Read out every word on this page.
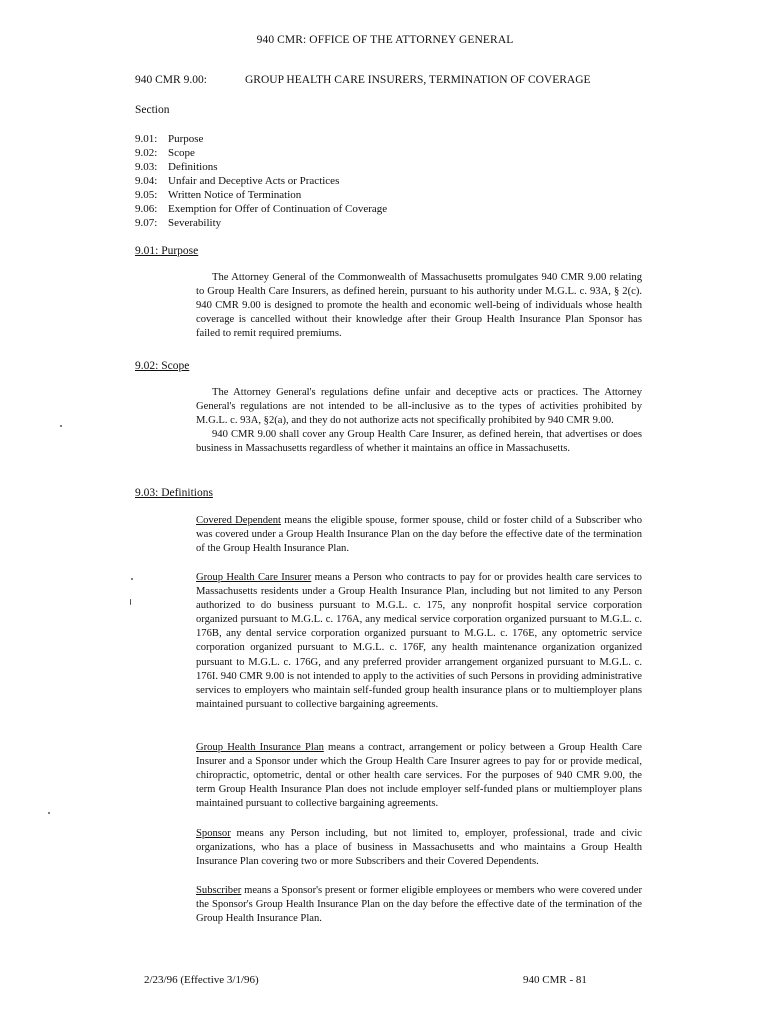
940 CMR: OFFICE OF THE ATTORNEY GENERAL
940 CMR 9.00:	GROUP HEALTH CARE INSURERS, TERMINATION OF COVERAGE
Section
9.01: Purpose
9.02: Scope
9.03: Definitions
9.04: Unfair and Deceptive Acts or Practices
9.05: Written Notice of Termination
9.06: Exemption for Offer of Continuation of Coverage
9.07: Severability
9.01: Purpose
The Attorney General of the Commonwealth of Massachusetts promulgates 940 CMR 9.00 relating to Group Health Care Insurers, as defined herein, pursuant to his authority under M.G.L. c. 93A, § 2(c). 940 CMR 9.00 is designed to promote the health and economic well-being of individuals whose health coverage is cancelled without their knowledge after their Group Health Insurance Plan Sponsor has failed to remit required premiums.
9.02: Scope
The Attorney General's regulations define unfair and deceptive acts or practices. The Attorney General's regulations are not intended to be all-inclusive as to the types of activities prohibited by M.G.L. c. 93A, §2(a), and they do not authorize acts not specifically prohibited by 940 CMR 9.00.
940 CMR 9.00 shall cover any Group Health Care Insurer, as defined herein, that advertises or does business in Massachusetts regardless of whether it maintains an office in Massachusetts.
9.03: Definitions
Covered Dependent means the eligible spouse, former spouse, child or foster child of a Subscriber who was covered under a Group Health Insurance Plan on the day before the effective date of the termination of the Group Health Insurance Plan.
Group Health Care Insurer means a Person who contracts to pay for or provides health care services to Massachusetts residents under a Group Health Insurance Plan, including but not limited to any Person authorized to do business pursuant to M.G.L. c. 175, any nonprofit hospital service corporation organized pursuant to M.G.L. c. 176A, any medical service corporation organized pursuant to M.G.L. c. 176B, any dental service corporation organized pursuant to M.G.L. c. 176E, any optometric service corporation organized pursuant to M.G.L. c. 176F, any health maintenance organization organized pursuant to M.G.L. c. 176G, and any preferred provider arrangement organized pursuant to M.G.L. c. 176I. 940 CMR 9.00 is not intended to apply to the activities of such Persons in providing administrative services to employers who maintain self-funded group health insurance plans or to multiemployer plans maintained pursuant to collective bargaining agreements.
Group Health Insurance Plan means a contract, arrangement or policy between a Group Health Care Insurer and a Sponsor under which the Group Health Care Insurer agrees to pay for or provide medical, chiropractic, optometric, dental or other health care services. For the purposes of 940 CMR 9.00, the term Group Health Insurance Plan does not include employer self-funded plans or multiemployer plans maintained pursuant to collective bargaining agreements.
Sponsor means any Person including, but not limited to, employer, professional, trade and civic organizations, who has a place of business in Massachusetts and who maintains a Group Health Insurance Plan covering two or more Subscribers and their Covered Dependents.
Subscriber means a Sponsor's present or former eligible employees or members who were covered under the Sponsor's Group Health Insurance Plan on the day before the effective date of the termination of the Group Health Insurance Plan.
2/23/96 (Effective 3/1/96)	940 CMR - 81
